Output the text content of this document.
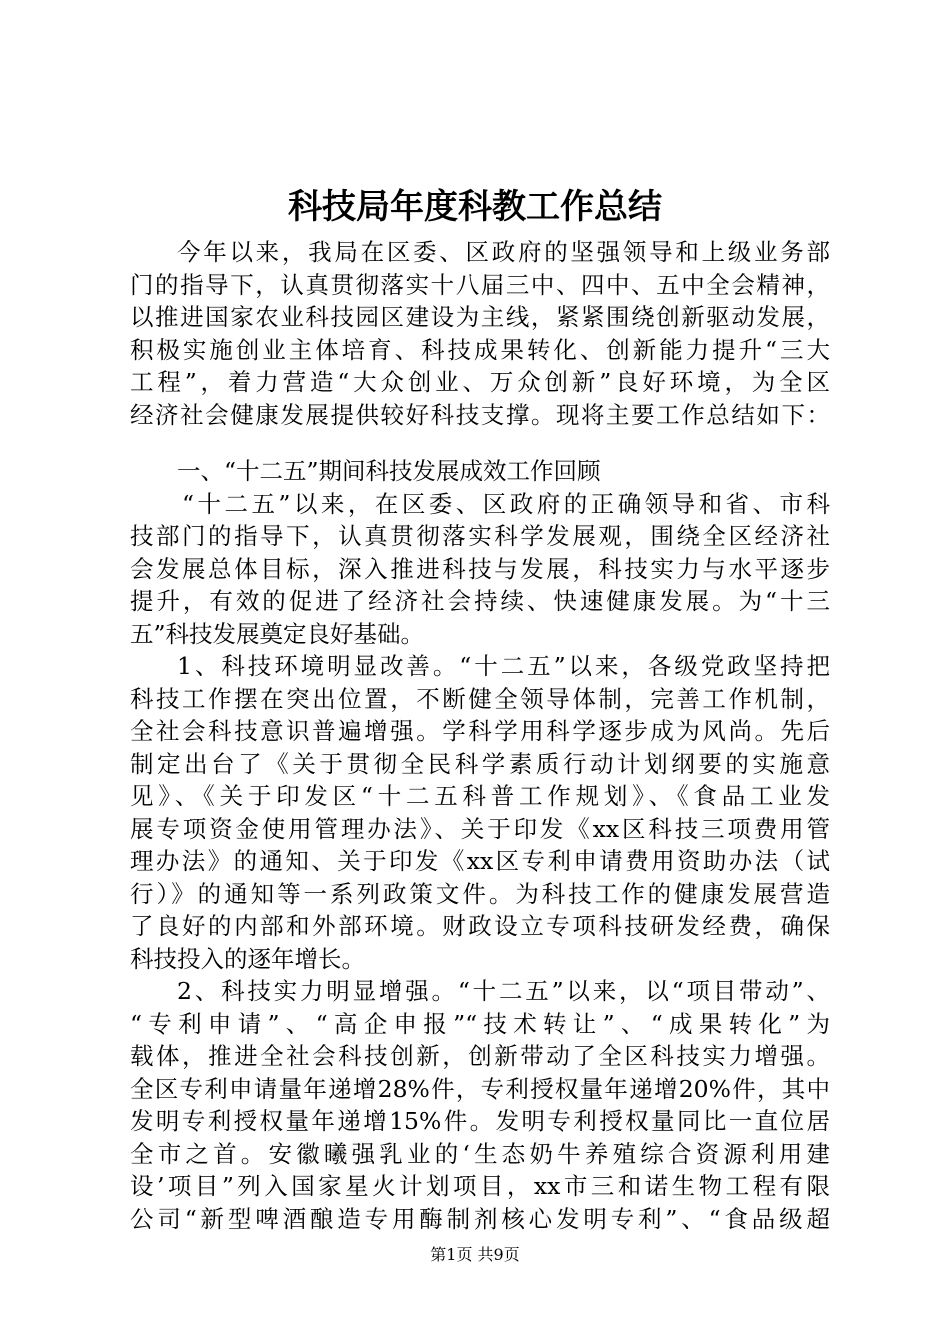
科技局年度科教工作总结
今年以来，我局在区委、区政府的坚强领导和上级业务部
门的指导下，认真贯彻落实十八届三中、四中、五中全会精神，
以推进国家农业科技园区建设为主线，紧紧围绕创新驱动发展，
积极实施创业主体培育、科技成果转化、创新能力提升“三大
工程”，着力营造“大众创业、万众创新”良好环境，为全区
经济社会健康发展提供较好科技支撑。现将主要工作总结如下：
一、“十二五”期间科技发展成效工作回顾
“十二五”以来，在区委、区政府的正确领导和省、市科
技部门的指导下，认真贯彻落实科学发展观，围绕全区经济社
会发展总体目标，深入推进科技与发展，科技实力与水平逐步
提升，有效的促进了经济社会持续、快速健康发展。为“十三
五”科技发展奠定良好基础。
1、科技环境明显改善。“十二五”以来，各级党政坚持把
科技工作摆在突出位置，不断健全领导体制，完善工作机制，
全社会科技意识普遍增强。学科学用科学逐步成为风尚。先后
制定出台了《关于贯彻全民科学素质行动计划纲要的实施意
见》、《关于印发区“十二五科普工作规划》、《食品工业发
展专项资金使用管理办法》、关于印发《xx区科技三项费用管
理办法》的通知、关于印发《xx区专利申请费用资助办法（试
行）》的通知等一系列政策文件。为科技工作的健康发展营造
了良好的内部和外部环境。财政设立专项科技研发经费，确保
科技投入的逐年增长。
2、科技实力明显增强。“十二五”以来，以“项目带动”、
“专利申请”、“高企申报”“技术转让”、“成果转化”为
载体，推进全社会科技创新，创新带动了全区科技实力增强。
全区专利申请量年递增28%件，专利授权量年递增20%件，其中
发明专利授权量年递增15%件。发明专利授权量同比一直位居
全市之首。安徽曦强乳业的‘生态奶牛养殖综合资源利用建
设’项目”列入国家星火计划项目，xx市三和诺生物工程有限
公司“新型啤酒酿造专用酶制剂核心发明专利”、“食品级超
第1页 共9页
